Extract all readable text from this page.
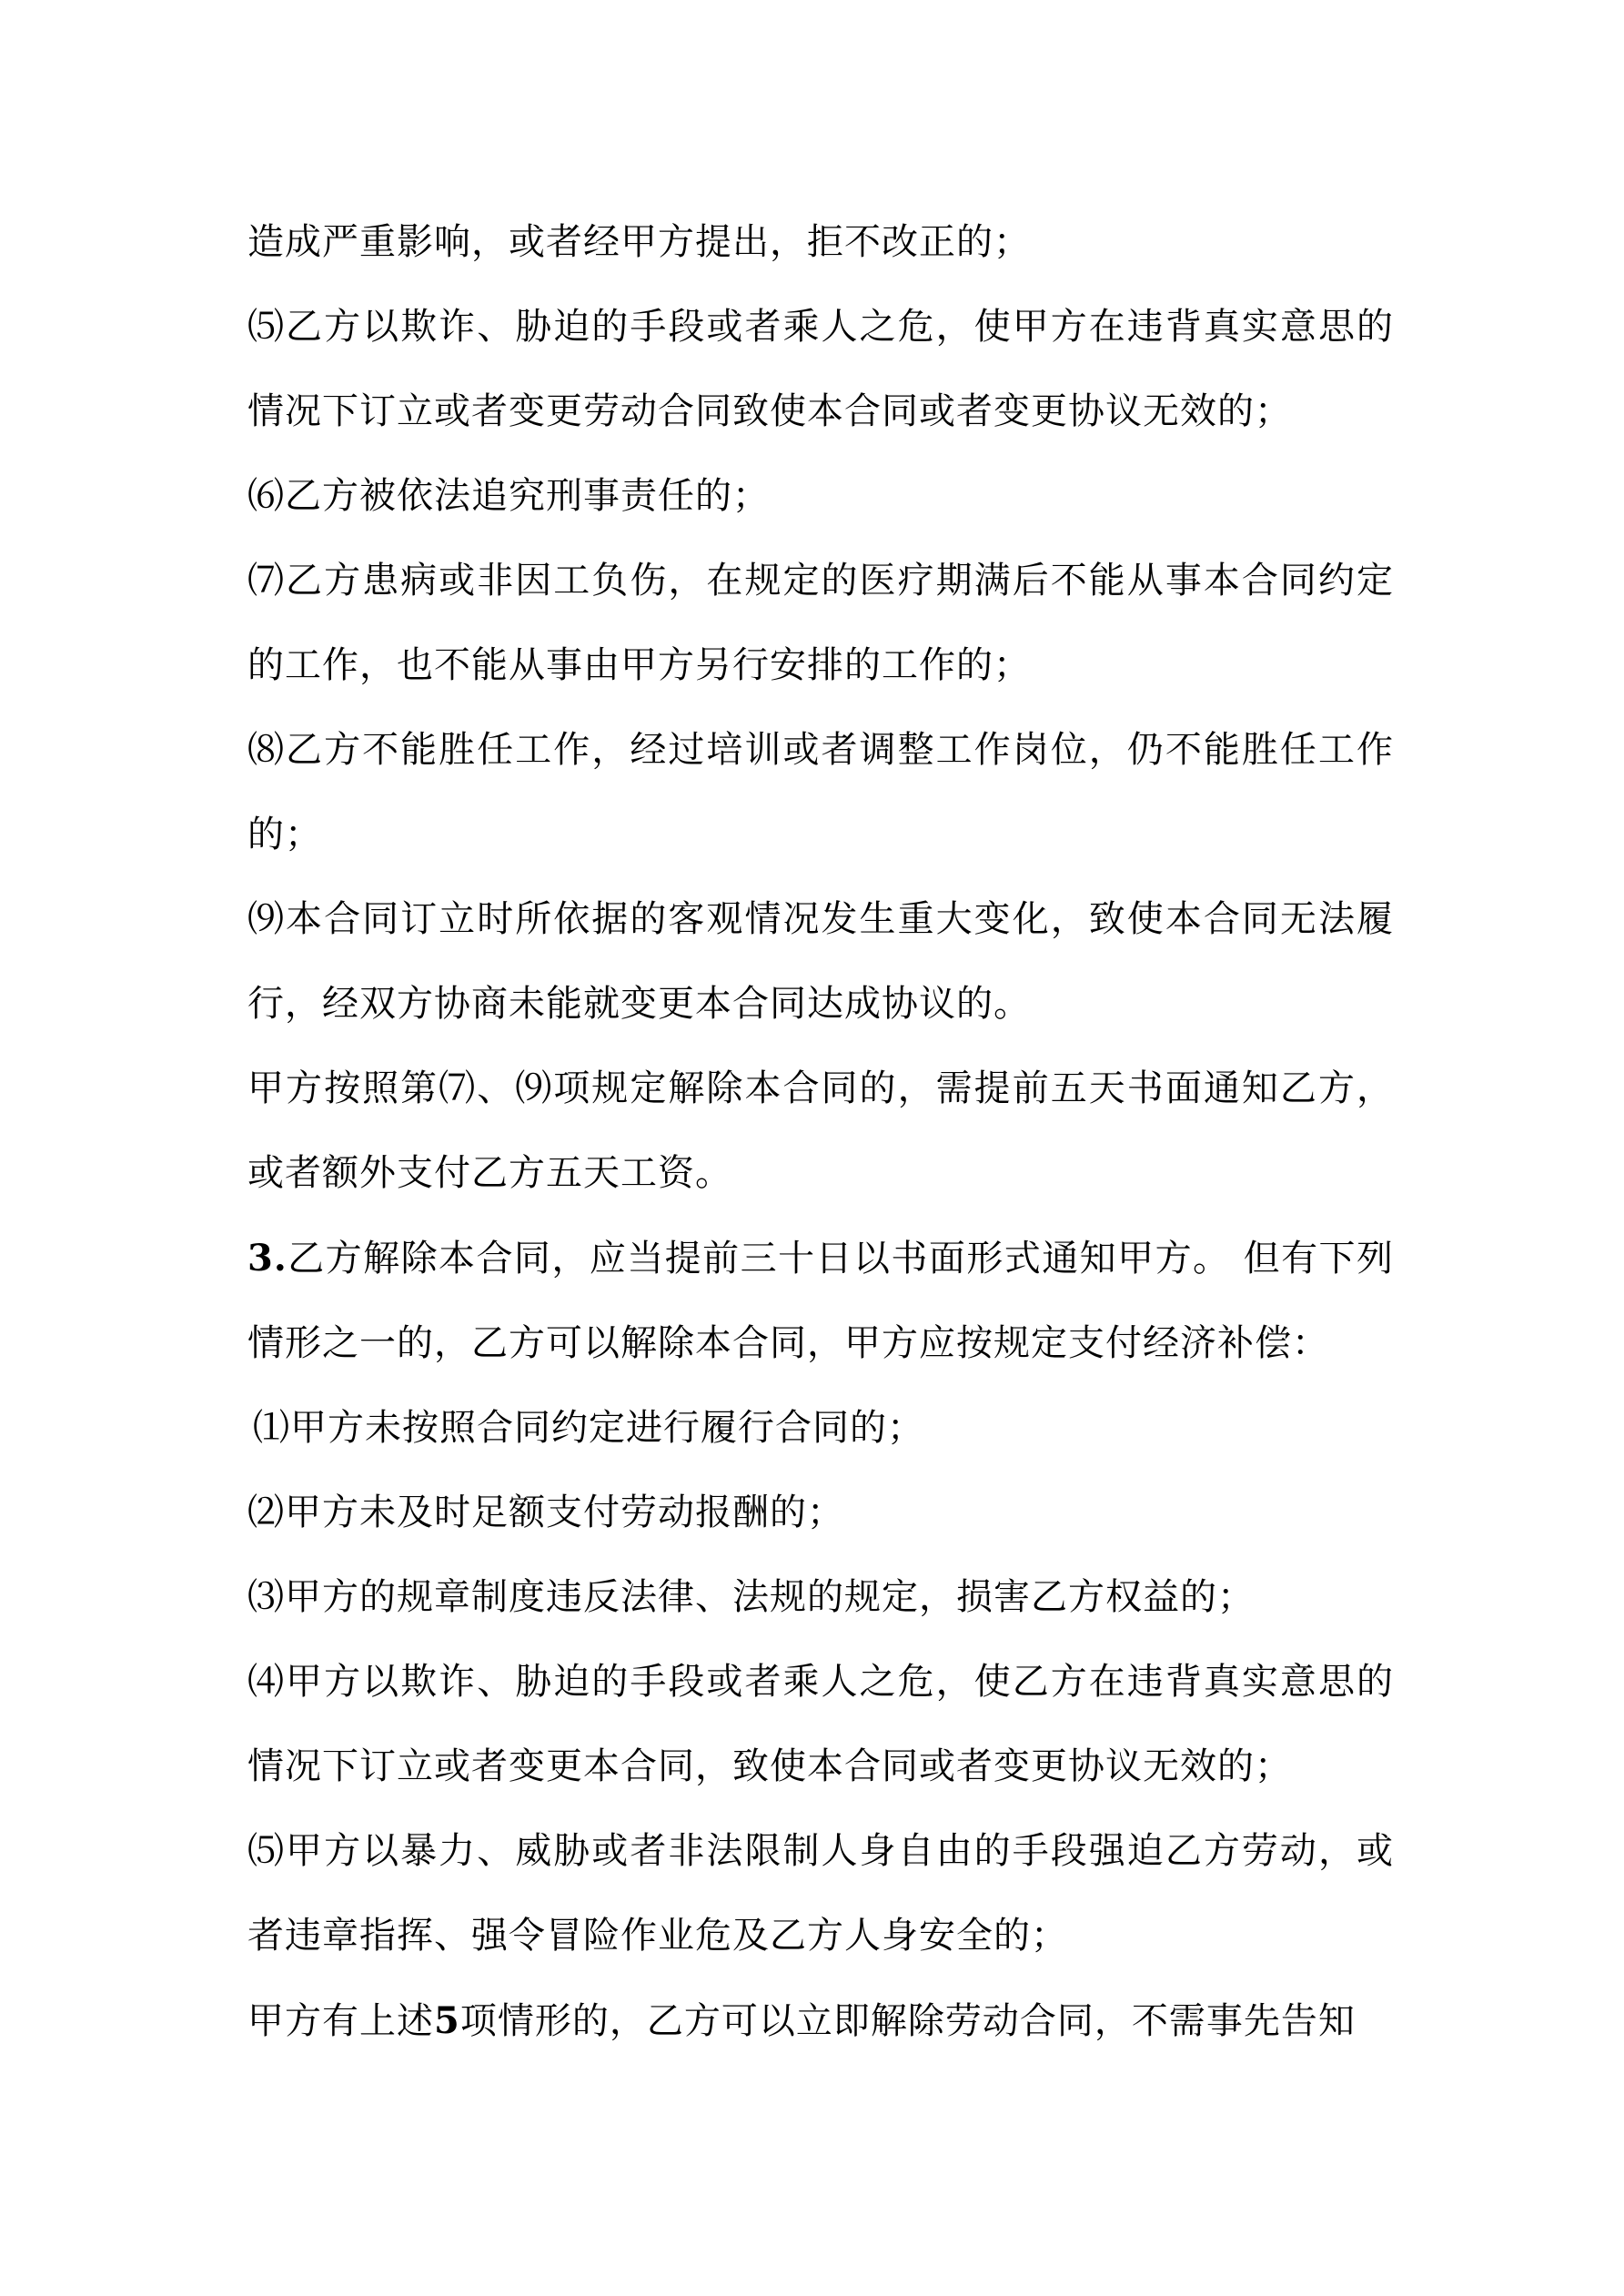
造成严重影响，或者经甲方提出，拒不改正的；

⑸乙方以欺诈、胁迫的手段或者乘人之危，使甲方在违背真实意思的情况下订立或者变更劳动合同致使本合同或者变更协议无效的；

⑹乙方被依法追究刑事责任的；

⑺乙方患病或非因工负伤，在规定的医疗期满后不能从事本合同约定的工作，也不能从事由甲方另行安排的工作的；

⑻乙方不能胜任工作，经过培训或者调整工作岗位，仍不能胜任工作的；

⑼本合同订立时所依据的客观情况发生重大变化，致使本合同无法履行，经双方协商未能就变更本合同达成协议的。

甲方按照第⑺、⑼项规定解除本合同的，需提前五天书面通知乙方，或者额外支付乙方五天工资。

3.乙方解除本合同，应当提前三十日以书面形式通知甲方。 但有下列情形之一的，乙方可以解除本合同，甲方应按规定支付经济补偿：

⑴甲方未按照合同约定进行履行合同的；

⑵甲方未及时足额支付劳动报酬的；

⑶甲方的规章制度违反法律、法规的规定，损害乙方权益的；

⑷甲方以欺诈、胁迫的手段或者乘人之危，使乙方在违背真实意思的情况下订立或者变更本合同，致使本合同或者变更协议无效的；

⑸甲方以暴力、威胁或者非法限制人身自由的手段强迫乙方劳动，或者违章指挥、强令冒险作业危及乙方人身安全的；

甲方有上述5项情形的，乙方可以立即解除劳动合同，不需事先告知
